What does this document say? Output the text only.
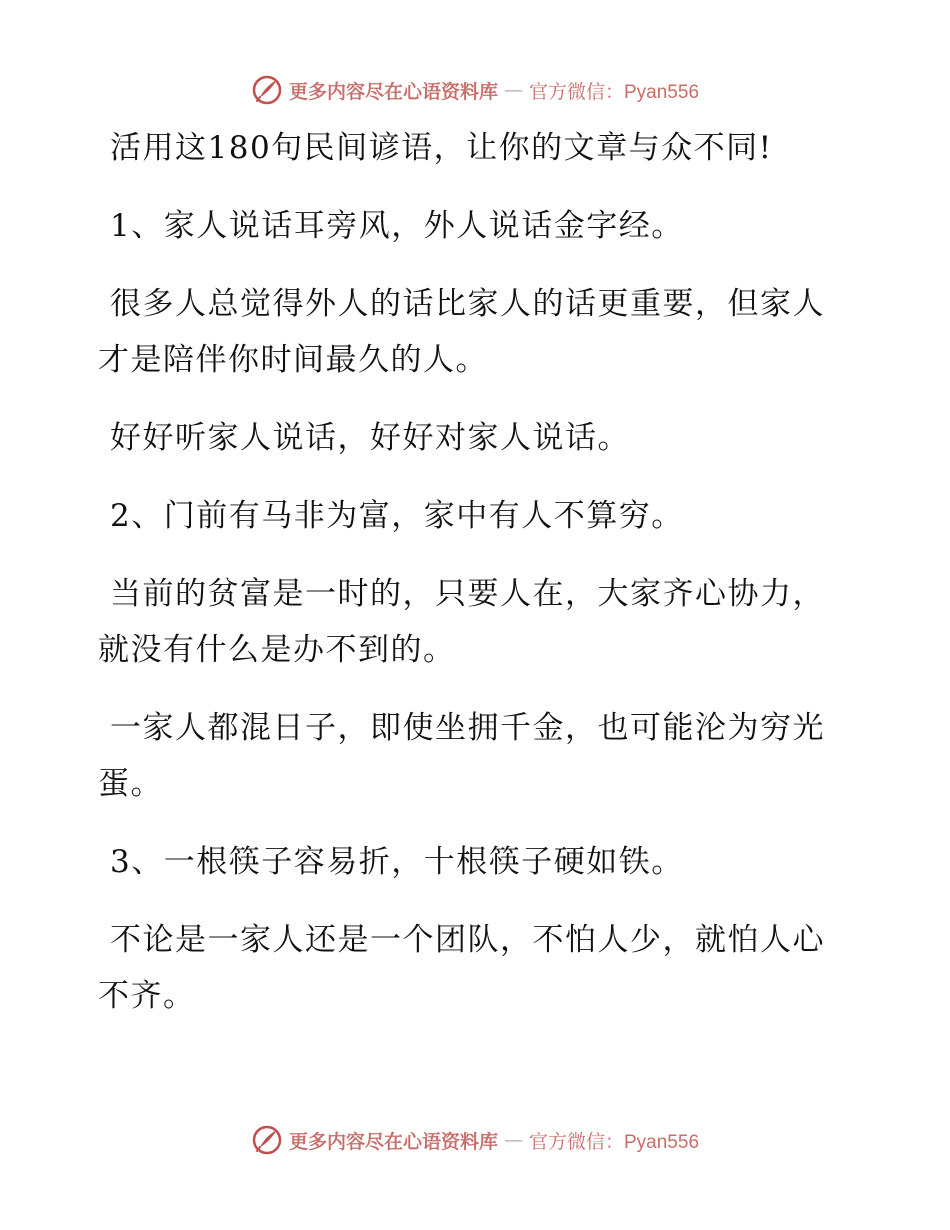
更多内容尽在心语资料库 — 官方微信：Pyan556

活用这180句民间谚语，让你的文章与众不同!

1、家人说话耳旁风，外人说话金字经。

很多人总觉得外人的话比家人的话更重要，但家人才是陪伴你时间最久的人。

好好听家人说话，好好对家人说话。

2、门前有马非为富，家中有人不算穷。

当前的贫富是一时的，只要人在，大家齐心协力，就没有什么是办不到的。

一家人都混日子，即使坐拥千金，也可能沦为穷光蛋。

3、一根筷子容易折，十根筷子硬如铁。

不论是一家人还是一个团队，不怕人少，就怕人心不齐。

更多内容尽在心语资料库 — 官方微信：Pyan556
